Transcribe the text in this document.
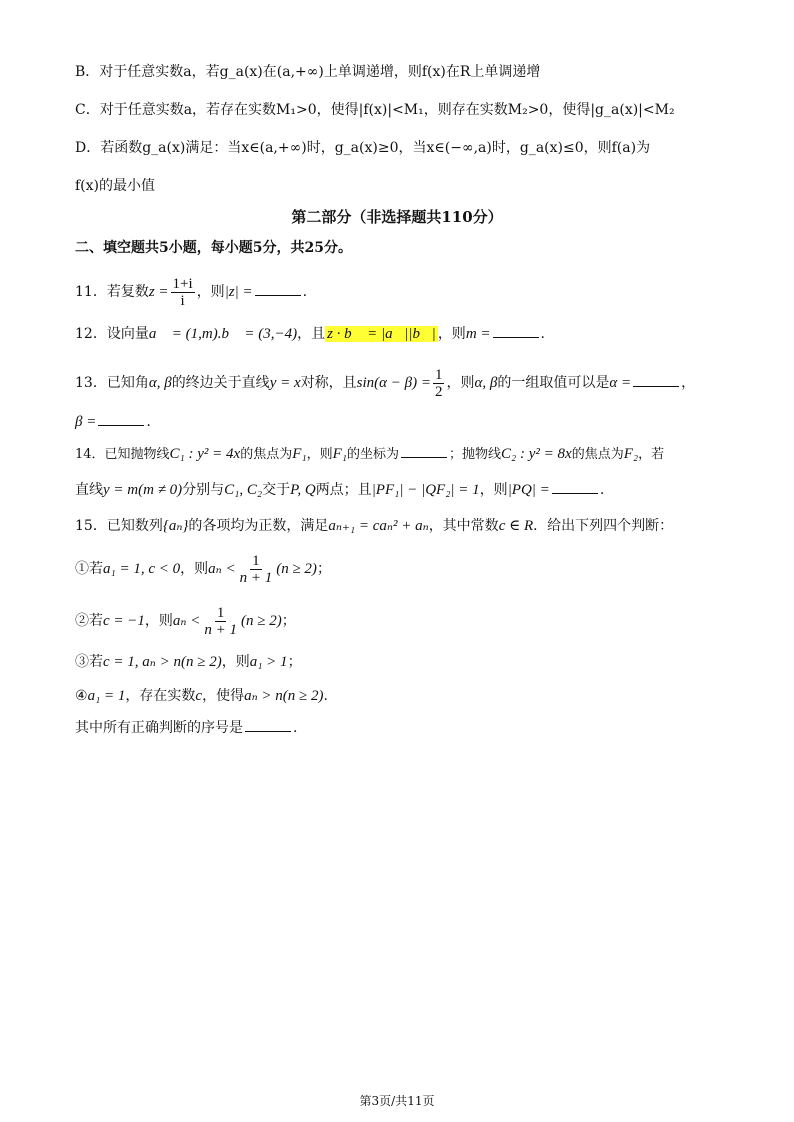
B．对于任意实数a，若g_a(x)在(a,+∞)上单调递增，则f(x)在R上单调递增
C．对于任意实数a，若存在实数M₁>0，使得|f(x)|<M₁，则存在实数M₂>0，使得|g_a(x)|<M₂
D．若函数g_a(x)满足：当x∈(a,+∞)时，g_a(x)≥0，当x∈(−∞,a)时，g_a(x)≤0，则f(a)为
f(x)的最小值
第二部分（非选择题共110分）
二、填空题共5小题，每小题5分，共25分。
11．若复数$z = \frac{1+i}{i}$ ，则|z| =	.
12．设向量a⃗ = (1,m).b⃗ = (3,−4)，且 z · b⃗ = |a⃗||b⃗| ，则m =	.
13．已知角α, β的终边关于直线y = x对称，且$\sin(\alpha - \beta) = \frac{1}{2}$ ，则α, β的一组取值可以是α =	，
β =	.
14．已知抛物线C₁ : y² = 4x的焦点为F₁，则F₁的坐标为	；抛物线C₂ : y² = 8x的焦点为F₂，若
直线y = m(m ≠ 0)分别与C₁, C₂交于P, Q两点；且|PF₁| − |QF₂| = 1，则|PQ| =	.
15．已知数列{aₙ}的各项均为正数，满足aₙ₊₁ = caₙ² + aₙ，其中常数c ∈ R．给出下列四个判断：
①若a₁ = 1, c < 0，则$a_n < \frac{1}{n + 1} (n \ge 2)$；
②若c = −1，则$a_n < \frac{1}{n + 1} (n \ge 2)$；
③若c = 1, aₙ > n(n ≥ 2)，则a₁ > 1；
④a₁ = 1，存在实数c，使得aₙ > n(n ≥ 2).
其中所有正确判断的序号是	.
第3页/共11页
